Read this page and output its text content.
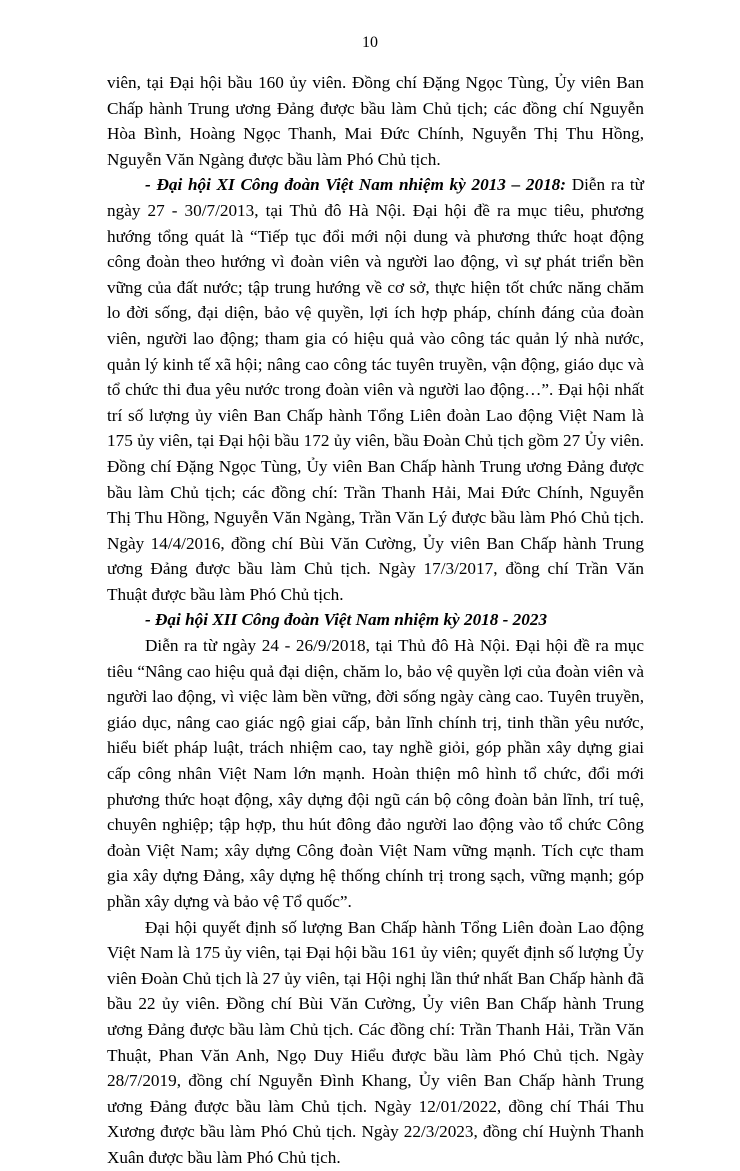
10

viên, tại Đại hội bầu 160 ủy viên. Đồng chí Đặng Ngọc Tùng, Ủy viên Ban Chấp hành Trung ương Đảng được bầu làm Chủ tịch; các đồng chí Nguyễn Hòa Bình, Hoàng Ngọc Thanh, Mai Đức Chính, Nguyễn Thị Thu Hồng, Nguyễn Văn Ngàng được bầu làm Phó Chủ tịch.

- Đại hội XI Công đoàn Việt Nam nhiệm kỳ 2013 – 2018: Diễn ra từ ngày 27 - 30/7/2013, tại Thủ đô Hà Nội. Đại hội đề ra mục tiêu, phương hướng tổng quát là “Tiếp tục đổi mới nội dung và phương thức hoạt động công đoàn theo hướng vì đoàn viên và người lao động, vì sự phát triển bền vững của đất nước; tập trung hướng về cơ sở, thực hiện tốt chức năng chăm lo đời sống, đại diện, bảo vệ quyền, lợi ích hợp pháp, chính đáng của đoàn viên, người lao động; tham gia có hiệu quả vào công tác quản lý nhà nước, quản lý kinh tế xã hội; nâng cao công tác tuyên truyền, vận động, giáo dục và tổ chức thi đua yêu nước trong đoàn viên và người lao động…”. Đại hội nhất trí số lượng ủy viên Ban Chấp hành Tổng Liên đoàn Lao động Việt Nam là 175 ủy viên, tại Đại hội bầu 172 ủy viên, bầu Đoàn Chủ tịch gồm 27 Ủy viên. Đồng chí Đặng Ngọc Tùng, Ủy viên Ban Chấp hành Trung ương Đảng được bầu làm Chủ tịch; các đồng chí: Trần Thanh Hải, Mai Đức Chính, Nguyễn Thị Thu Hồng, Nguyễn Văn Ngàng, Trần Văn Lý được bầu làm Phó Chủ tịch. Ngày 14/4/2016, đồng chí Bùi Văn Cường, Ủy viên Ban Chấp hành Trung ương Đảng được bầu làm Chủ tịch. Ngày 17/3/2017, đồng chí Trần Văn Thuật được bầu làm Phó Chủ tịch.

- Đại hội XII Công đoàn Việt Nam nhiệm kỳ 2018 - 2023

Diễn ra từ ngày 24 - 26/9/2018, tại Thủ đô Hà Nội. Đại hội đề ra mục tiêu “Nâng cao hiệu quả đại diện, chăm lo, bảo vệ quyền lợi của đoàn viên và người lao động, vì việc làm bền vững, đời sống ngày càng cao. Tuyên truyền, giáo dục, nâng cao giác ngộ giai cấp, bản lĩnh chính trị, tinh thần yêu nước, hiểu biết pháp luật, trách nhiệm cao, tay nghề giỏi, góp phần xây dựng giai cấp công nhân Việt Nam lớn mạnh. Hoàn thiện mô hình tổ chức, đổi mới phương thức hoạt động, xây dựng đội ngũ cán bộ công đoàn bản lĩnh, trí tuệ, chuyên nghiệp; tập hợp, thu hút đông đảo người lao động vào tổ chức Công đoàn Việt Nam; xây dựng Công đoàn Việt Nam vững mạnh. Tích cực tham gia xây dựng Đảng, xây dựng hệ thống chính trị trong sạch, vững mạnh; góp phần xây dựng và bảo vệ Tổ quốc”.

Đại hội quyết định số lượng Ban Chấp hành Tổng Liên đoàn Lao động Việt Nam là 175 ủy viên, tại Đại hội bầu 161 ủy viên; quyết định số lượng Ủy viên Đoàn Chủ tịch là 27 ủy viên, tại Hội nghị lần thứ nhất Ban Chấp hành đã bầu 22 ủy viên. Đồng chí Bùi Văn Cường, Ủy viên Ban Chấp hành Trung ương Đảng được bầu làm Chủ tịch. Các đồng chí: Trần Thanh Hải, Trần Văn Thuật, Phan Văn Anh, Ngọ Duy Hiểu được bầu làm Phó Chủ tịch. Ngày 28/7/2019, đồng chí Nguyễn Đình Khang, Ủy viên Ban Chấp hành Trung ương Đảng được bầu làm Chủ tịch. Ngày 12/01/2022, đồng chí Thái Thu Xương được bầu làm Phó Chủ tịch. Ngày 22/3/2023, đồng chí Huỳnh Thanh Xuân được bầu làm Phó Chủ tịch.
